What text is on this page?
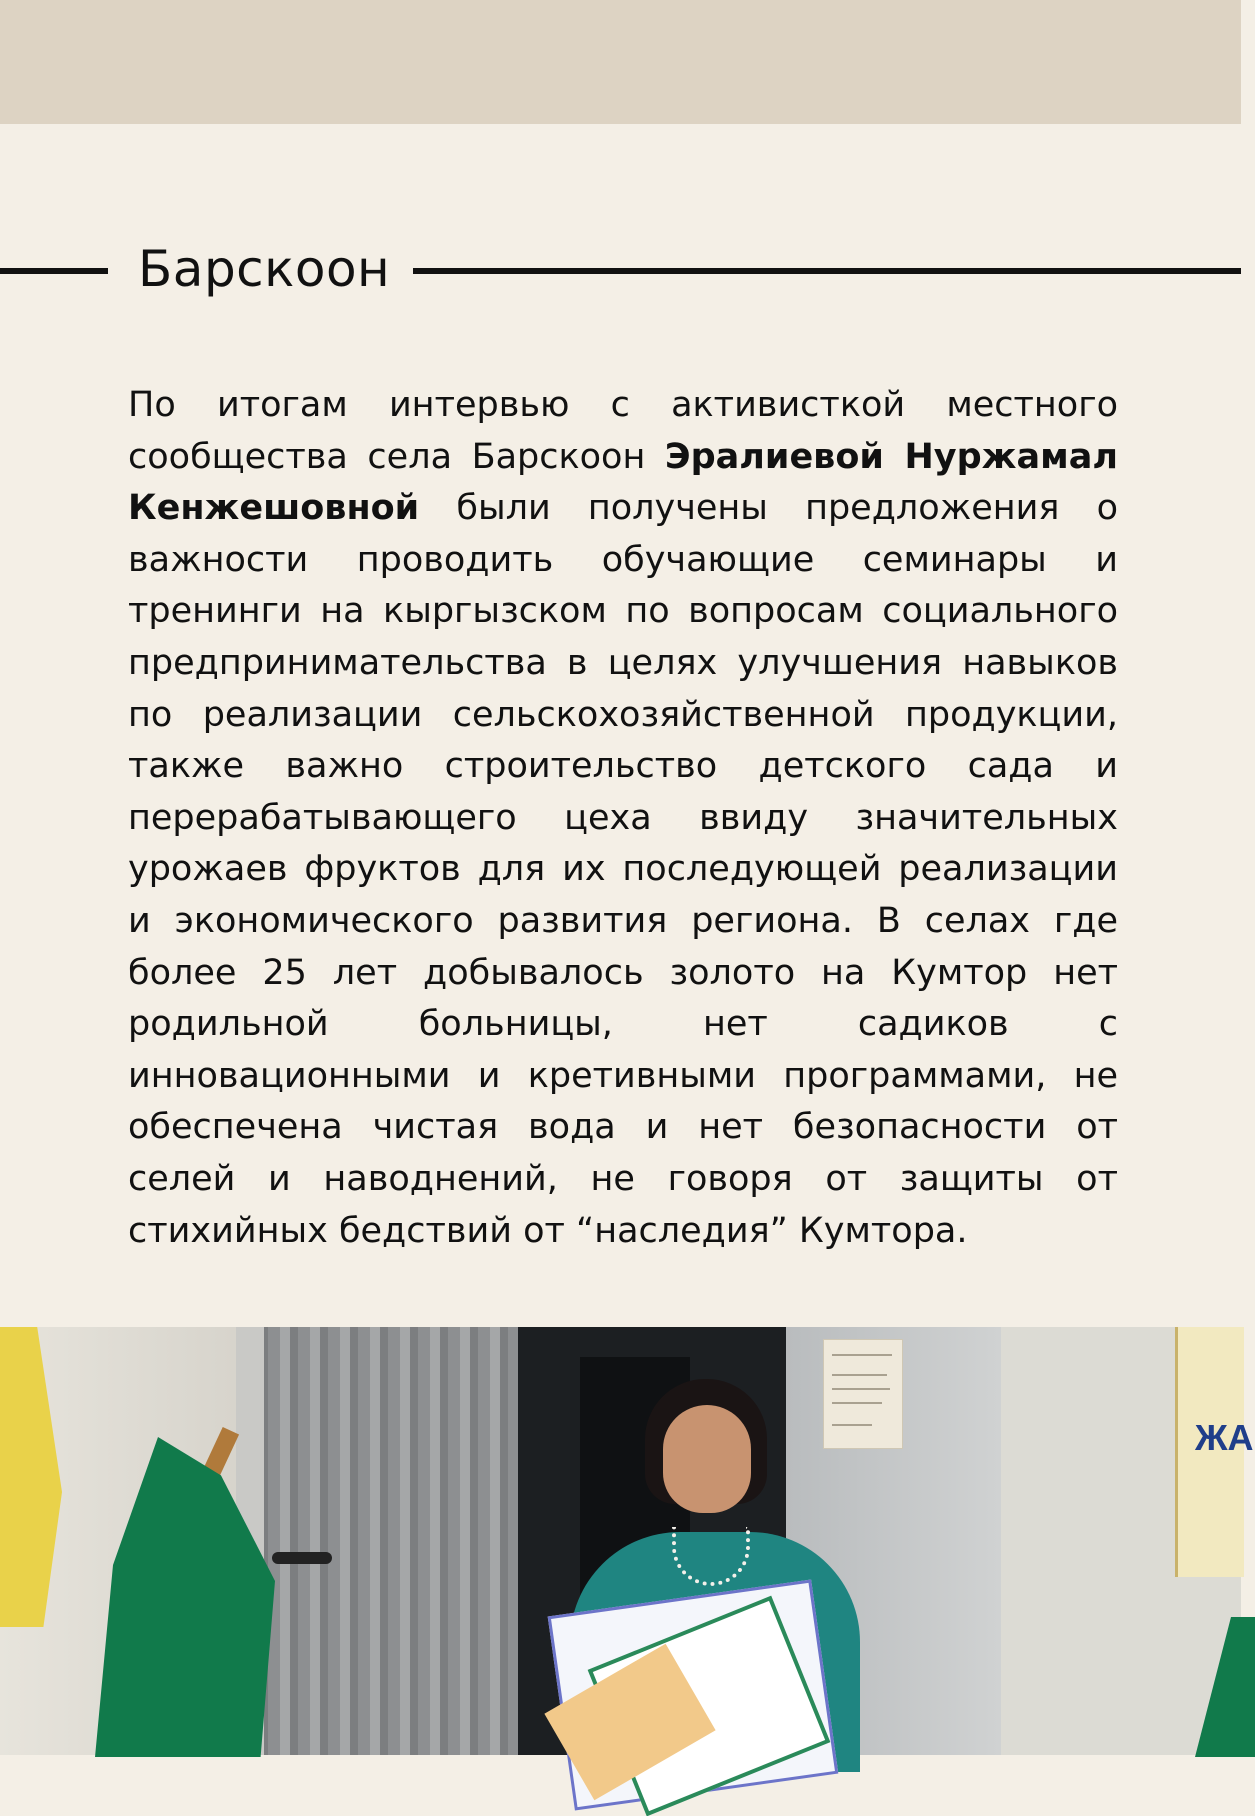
Барскоон

По итогам интервью с активисткой местного сообщества села Барскоон Эралиевой Нуржамал Кенжешовной были получены предложения о важности проводить обучающие семинары и тренинги на кыргызском по вопросам социального предпринимательства в целях улучшения навыков по реализации сельскохозяйственной продукции, также важно строительство детского сада и перерабатывающего цеха ввиду значительных урожаев фруктов для их последующей реализации и экономического развития региона. В селах где более 25 лет добывалось золото на Кумтор нет родильной больницы, нет садиков с инновационными и кретивными программами, не обеспечена чистая вода и нет безопасности от селей и наводнений, не говоря от защиты от стихийных бедствий от “наследия” Кумтора.

ЖА
